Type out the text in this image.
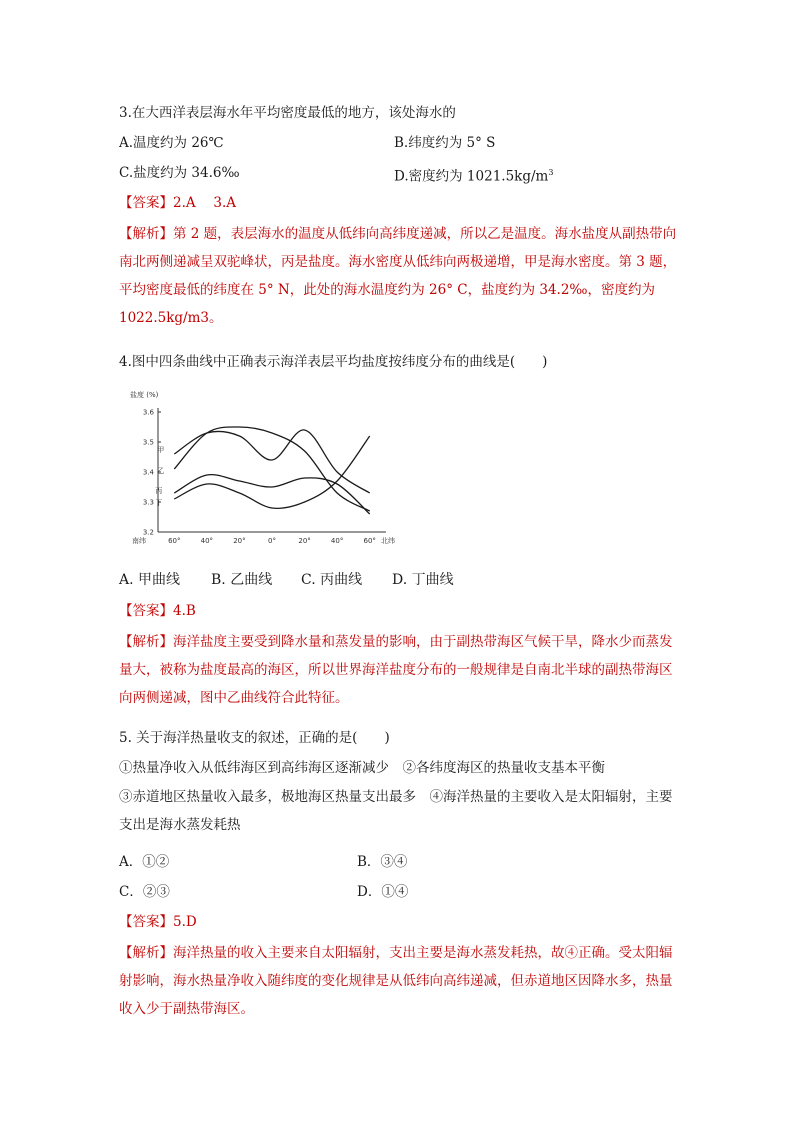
3.在大西洋表层海水年平均密度最低的地方，该处海水的
A.温度约为 26℃	B.纬度约为 5° S
C.盐度约为 34.6‰	D.密度约为 $1021.5kg/m^3$
【答案】2.A　 3.A
【解析】第 2 题，表层海水的温度从低纬向高纬度递减，所以乙是温度。海水盐度从副热带向南北两侧递减呈双驼峰状，丙是盐度。海水密度从低纬向两极递增，甲是海水密度。第 3 题，平均密度最低的纬度在 5° N，此处的海水温度约为 26° C，盐度约为 34.2‰，密度约为 1022.5kg/m3。
4.图中四条曲线中正确表示海洋表层平均盐度按纬度分布的曲线是(　　)
盐度 (%)
3.6
3.5
3.4
3.3
3.2
南纬	60°	40°	20°	0°	20°	40°	60° 北纬
甲
乙
丙
丁
A. 甲曲线 B. 乙曲线 C. 丙曲线 D. 丁曲线
【答案】4.B
【解析】海洋盐度主要受到降水量和蒸发量的影响，由于副热带海区气候干旱，降水少而蒸发量大，被称为盐度最高的海区，所以世界海洋盐度分布的一般规律是自南北半球的副热带海区向两侧递减，图中乙曲线符合此特征。
5. 关于海洋热量收支的叙述，正确的是(　　)
①热量净收入从低纬海区到高纬海区逐渐减少　②各纬度海区的热量收支基本平衡
③赤道地区热量收入最多，极地海区热量支出最多　④海洋热量的主要收入是太阳辐射，主要支出是海水蒸发耗热
A．①②	B．③④
C．②③	D．①④
【答案】5.D
【解析】海洋热量的收入主要来自太阳辐射，支出主要是海水蒸发耗热，故④正确。受太阳辐射影响，海水热量净收入随纬度的变化规律是从低纬向高纬递减，但赤道地区因降水多，热量收入少于副热带海区。
